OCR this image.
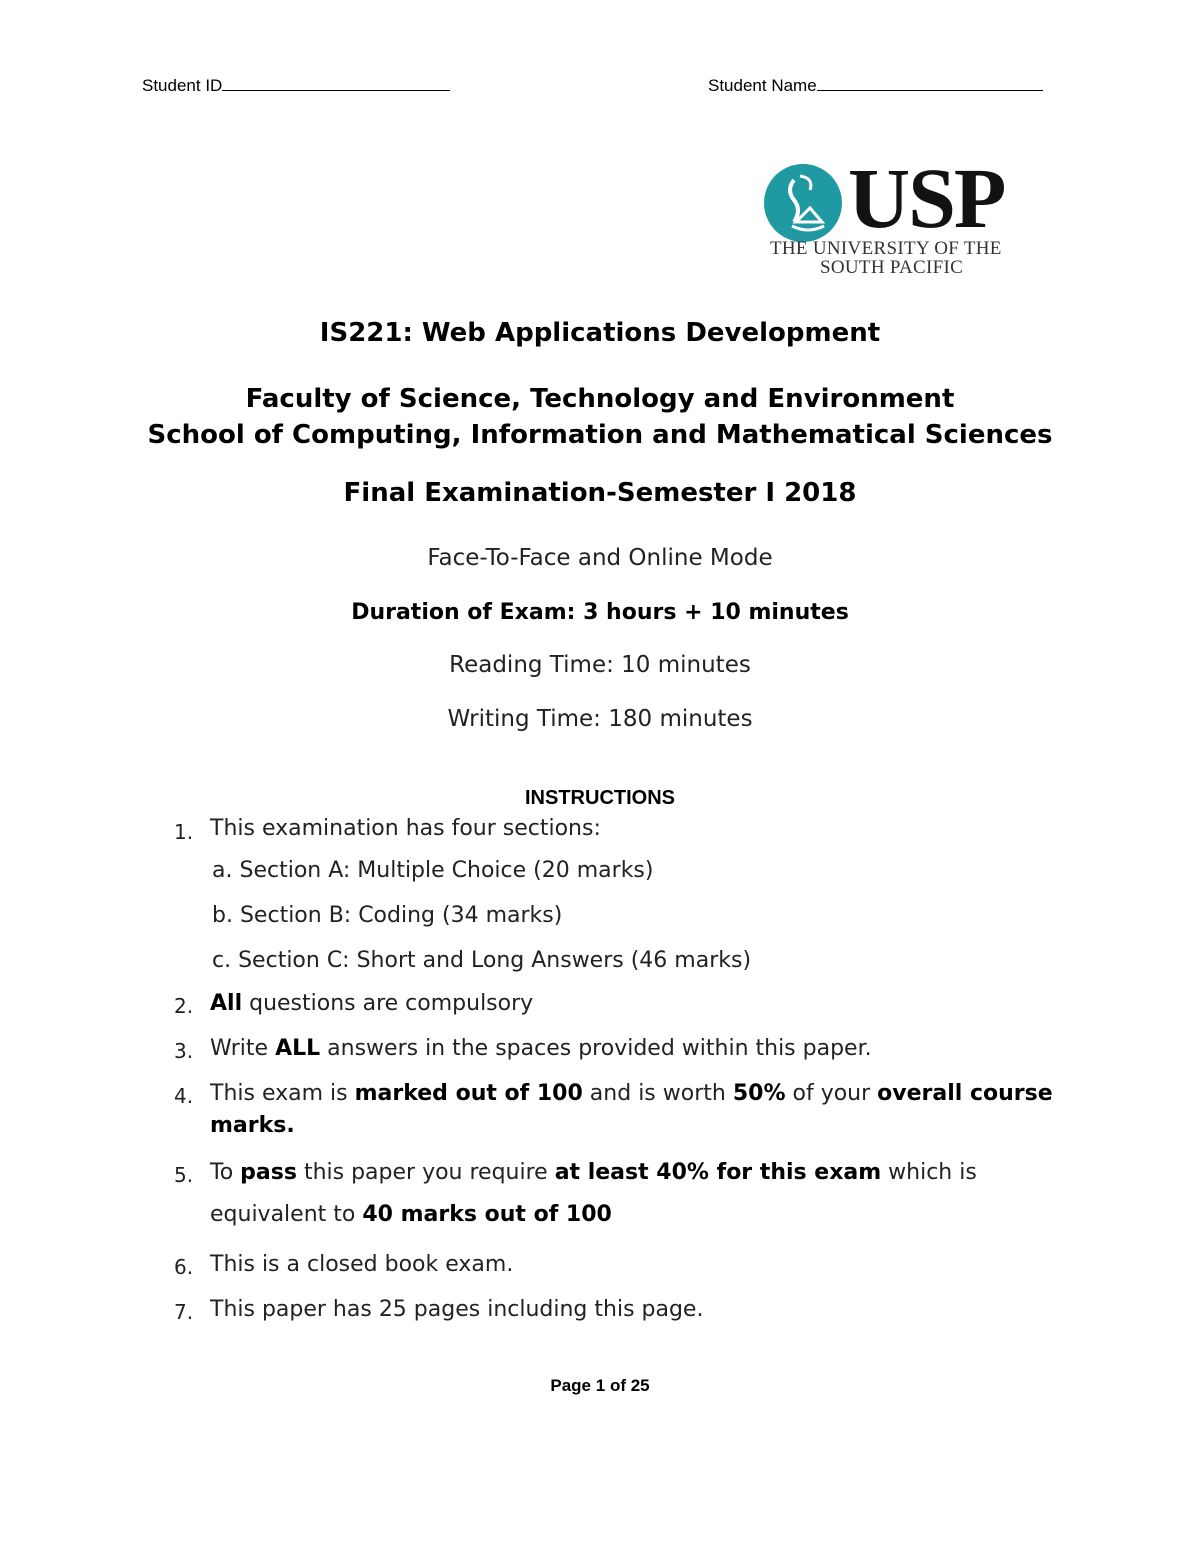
Student ID	Student Name
USP
THE UNIVERSITY OF THE
SOUTH PACIFIC
IS221: Web Applications Development
Faculty of Science, Technology and Environment
School of Computing, Information and Mathematical Sciences
Final Examination-Semester I 2018
Face-To-Face and Online Mode
Duration of Exam: 3 hours + 10 minutes
Reading Time: 10 minutes
Writing Time: 180 minutes
INSTRUCTIONS
1. This examination has four sections:
a. Section A: Multiple Choice (20 marks)
b. Section B: Coding (34 marks)
c. Section C: Short and Long Answers (46 marks)
2. All questions are compulsory
3. Write ALL answers in the spaces provided within this paper.
4. This exam is marked out of 100 and is worth 50% of your overall course
marks.
5. To pass this paper you require at least 40% for this exam which is
equivalent to 40 marks out of 100
6. This is a closed book exam.
7. This paper has 25 pages including this page.
Page 1 of 25
